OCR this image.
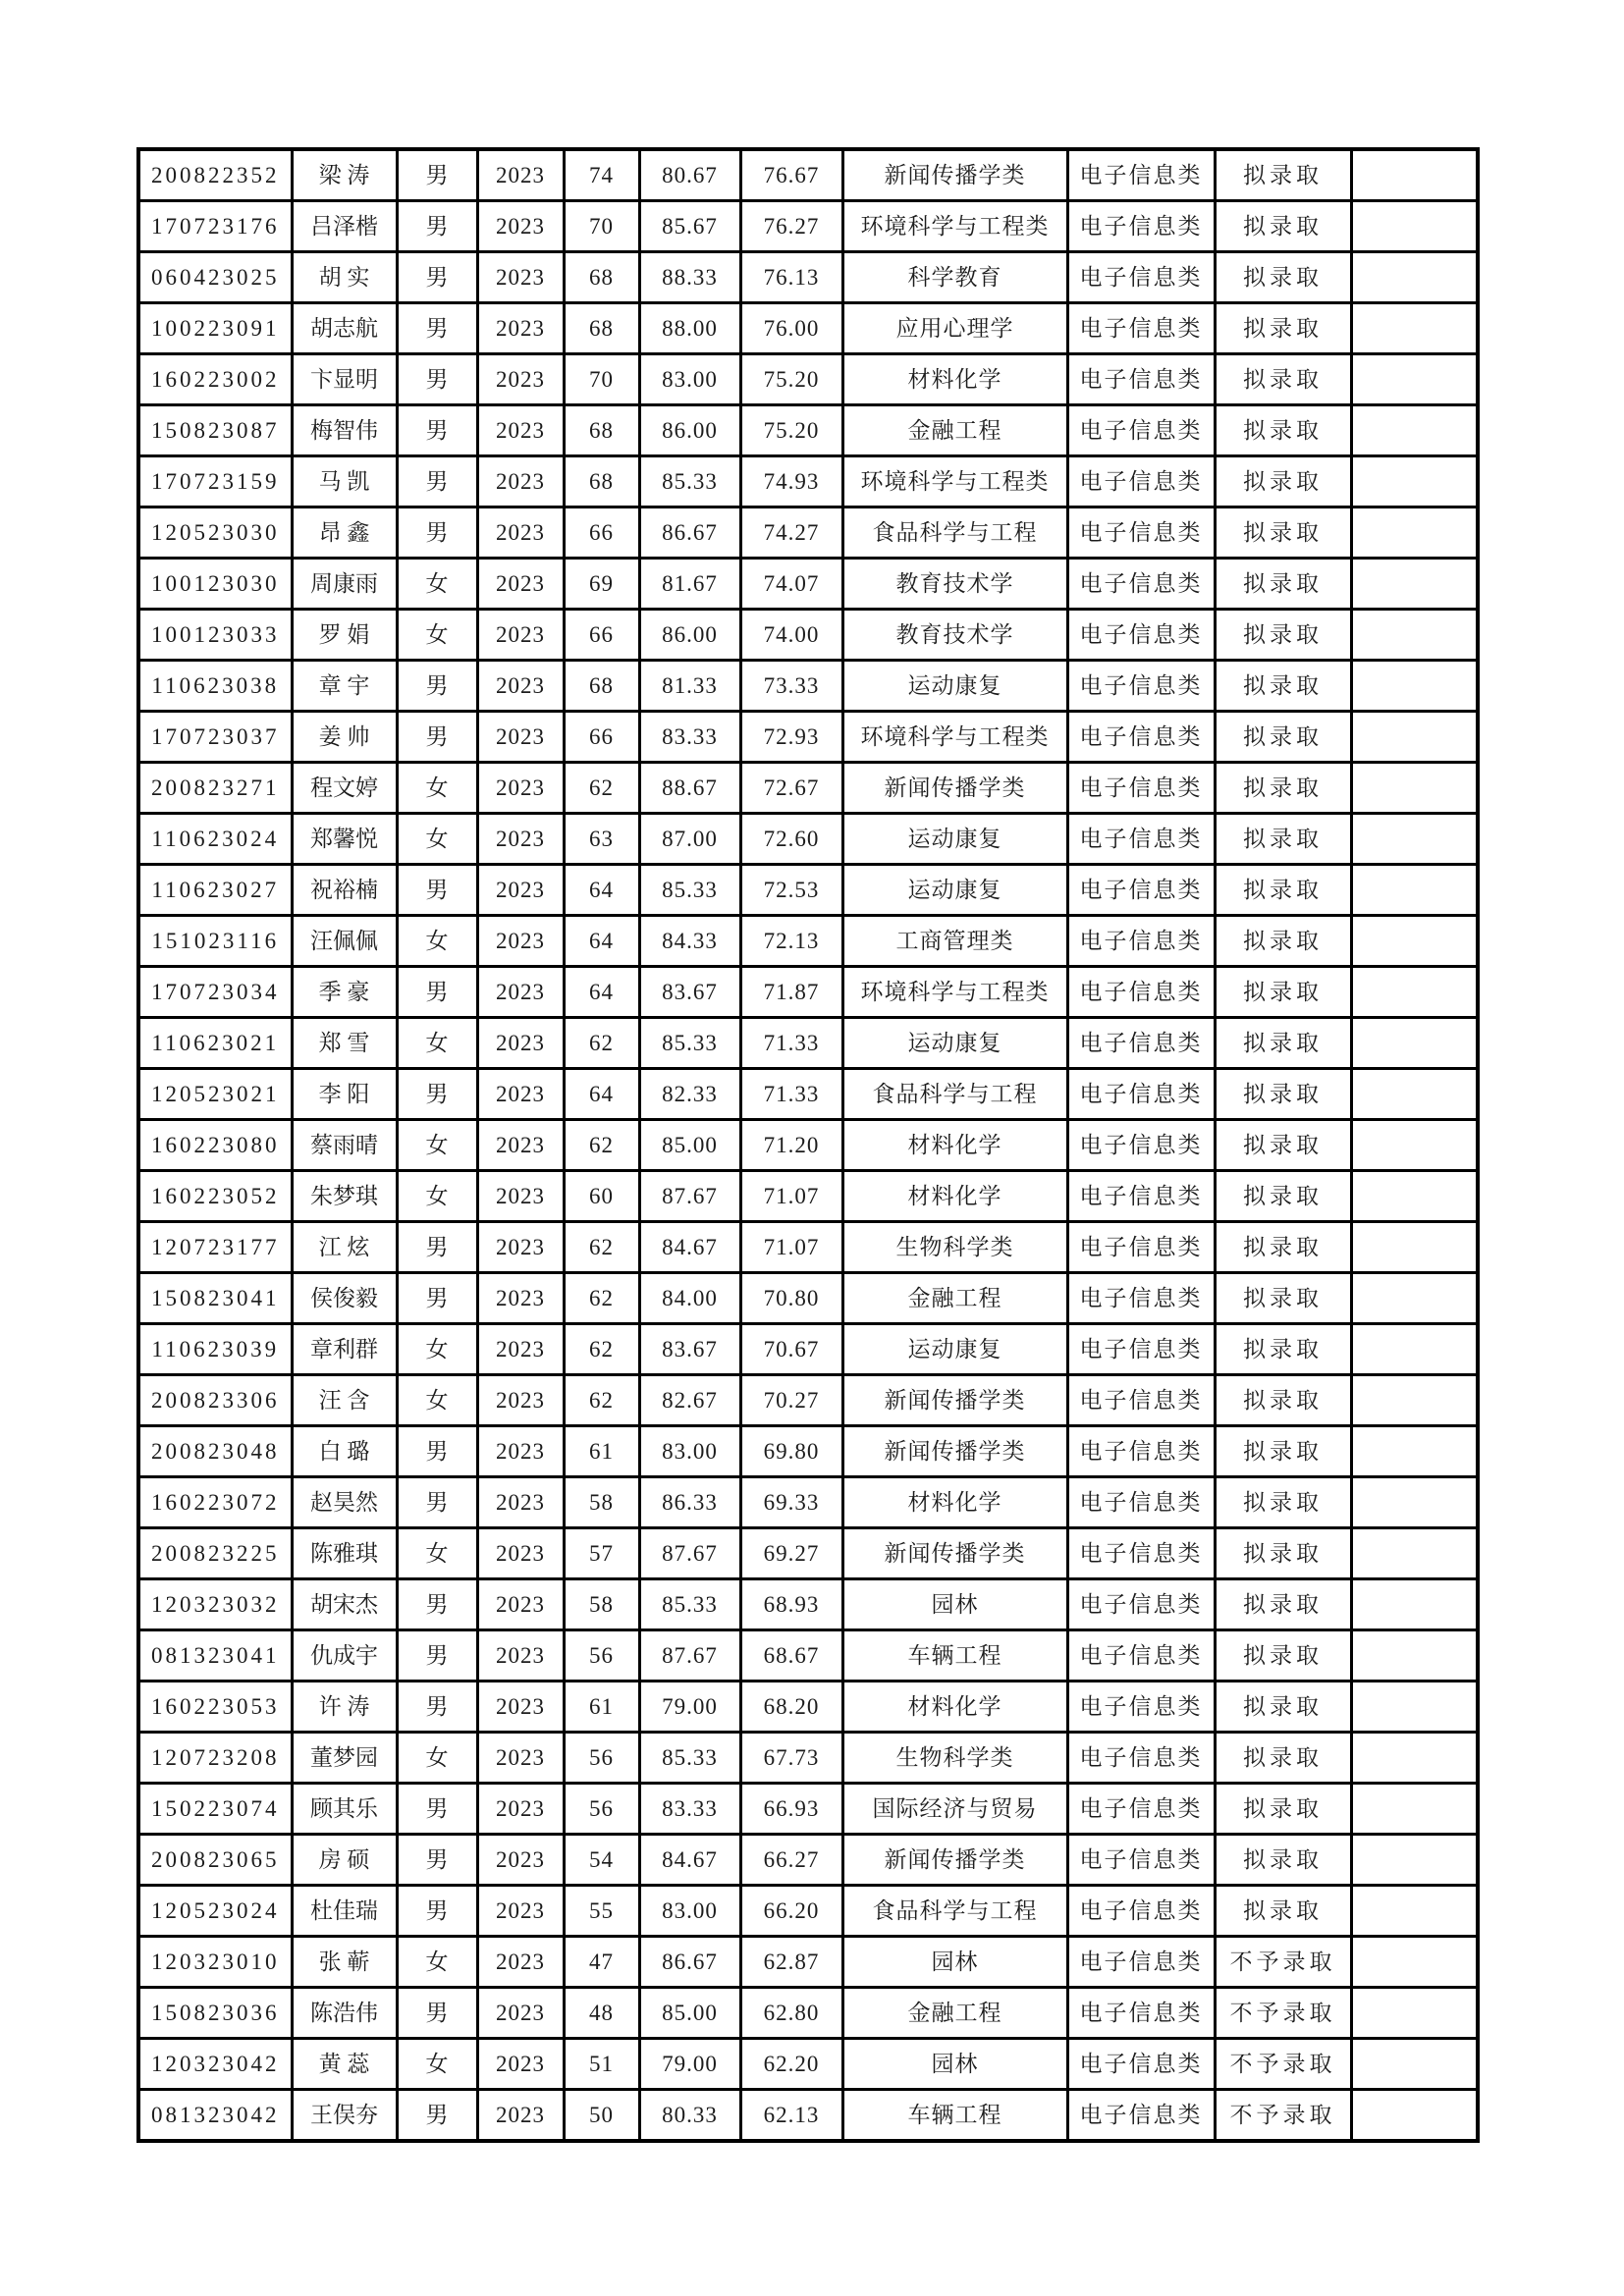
200822352	梁 涛	男	2023	74	80.67	76.67	新闻传播学类	电子信息类	拟录取	
170723176	吕泽楷	男	2023	70	85.67	76.27	环境科学与工程类	电子信息类	拟录取	
060423025	胡 实	男	2023	68	88.33	76.13	科学教育	电子信息类	拟录取	
100223091	胡志航	男	2023	68	88.00	76.00	应用心理学	电子信息类	拟录取	
160223002	卞显明	男	2023	70	83.00	75.20	材料化学	电子信息类	拟录取	
150823087	梅智伟	男	2023	68	86.00	75.20	金融工程	电子信息类	拟录取	
170723159	马 凯	男	2023	68	85.33	74.93	环境科学与工程类	电子信息类	拟录取	
120523030	昂 鑫	男	2023	66	86.67	74.27	食品科学与工程	电子信息类	拟录取	
100123030	周康雨	女	2023	69	81.67	74.07	教育技术学	电子信息类	拟录取	
100123033	罗 娟	女	2023	66	86.00	74.00	教育技术学	电子信息类	拟录取	
110623038	章 宇	男	2023	68	81.33	73.33	运动康复	电子信息类	拟录取	
170723037	姜 帅	男	2023	66	83.33	72.93	环境科学与工程类	电子信息类	拟录取	
200823271	程文婷	女	2023	62	88.67	72.67	新闻传播学类	电子信息类	拟录取	
110623024	郑馨悦	女	2023	63	87.00	72.60	运动康复	电子信息类	拟录取	
110623027	祝裕楠	男	2023	64	85.33	72.53	运动康复	电子信息类	拟录取	
151023116	汪佩佩	女	2023	64	84.33	72.13	工商管理类	电子信息类	拟录取	
170723034	季 豪	男	2023	64	83.67	71.87	环境科学与工程类	电子信息类	拟录取	
110623021	郑 雪	女	2023	62	85.33	71.33	运动康复	电子信息类	拟录取	
120523021	李 阳	男	2023	64	82.33	71.33	食品科学与工程	电子信息类	拟录取	
160223080	蔡雨晴	女	2023	62	85.00	71.20	材料化学	电子信息类	拟录取	
160223052	朱梦琪	女	2023	60	87.67	71.07	材料化学	电子信息类	拟录取	
120723177	江 炫	男	2023	62	84.67	71.07	生物科学类	电子信息类	拟录取	
150823041	侯俊毅	男	2023	62	84.00	70.80	金融工程	电子信息类	拟录取	
110623039	章利群	女	2023	62	83.67	70.67	运动康复	电子信息类	拟录取	
200823306	汪 含	女	2023	62	82.67	70.27	新闻传播学类	电子信息类	拟录取	
200823048	白 璐	男	2023	61	83.00	69.80	新闻传播学类	电子信息类	拟录取	
160223072	赵昊然	男	2023	58	86.33	69.33	材料化学	电子信息类	拟录取	
200823225	陈雅琪	女	2023	57	87.67	69.27	新闻传播学类	电子信息类	拟录取	
120323032	胡宋杰	男	2023	58	85.33	68.93	园林	电子信息类	拟录取	
081323041	仇成宇	男	2023	56	87.67	68.67	车辆工程	电子信息类	拟录取	
160223053	许 涛	男	2023	61	79.00	68.20	材料化学	电子信息类	拟录取	
120723208	董梦园	女	2023	56	85.33	67.73	生物科学类	电子信息类	拟录取	
150223074	顾其乐	男	2023	56	83.33	66.93	国际经济与贸易	电子信息类	拟录取	
200823065	房 硕	男	2023	54	84.67	66.27	新闻传播学类	电子信息类	拟录取	
120523024	杜佳瑞	男	2023	55	83.00	66.20	食品科学与工程	电子信息类	拟录取	
120323010	张 蕲	女	2023	47	86.67	62.87	园林	电子信息类	不予录取	
150823036	陈浩伟	男	2023	48	85.00	62.80	金融工程	电子信息类	不予录取	
120323042	黄 蕊	女	2023	51	79.00	62.20	园林	电子信息类	不予录取	
081323042	王俣夯	男	2023	50	80.33	62.13	车辆工程	电子信息类	不予录取	
